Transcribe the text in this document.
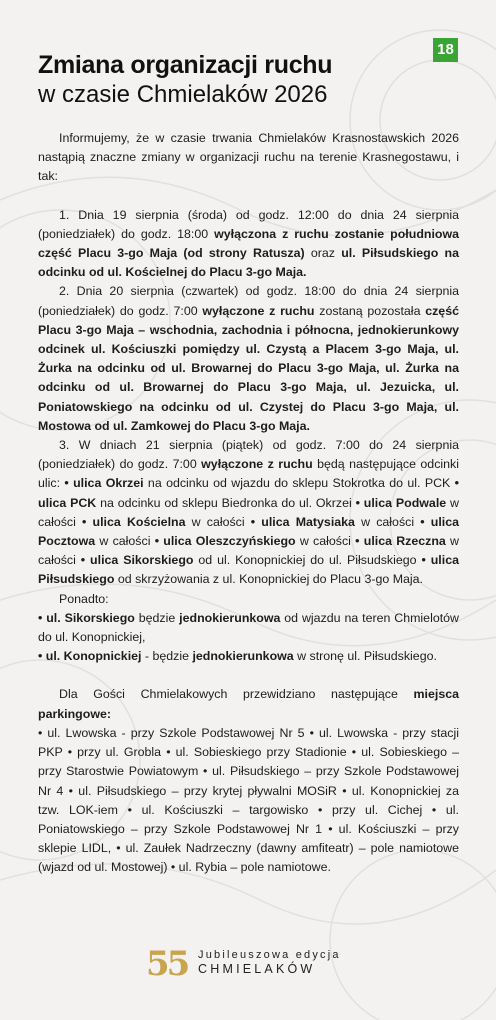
18
Zmiana organizacji ruchu
w czasie Chmielaków 2026

Informujemy, że w czasie trwania Chmielaków Krasnostawskich 2026 nastąpią znaczne zmiany w organizacji ruchu na terenie Krasnegostawu, i tak:

1. Dnia 19 sierpnia (środa) od godz. 12:00 do dnia 24 sierpnia (poniedziałek) do godz. 18:00 wyłączona z ruchu zostanie południowa część Placu 3-go Maja (od strony Ratusza) oraz ul. Piłsudskiego na odcinku od ul. Kościelnej do Placu 3-go Maja.

2. Dnia 20 sierpnia (czwartek) od godz. 18:00 do dnia 24 sierpnia (poniedziałek) do godz. 7:00 wyłączone z ruchu zostaną pozostała część Placu 3-go Maja – wschodnia, zachodnia i północna, jednokierunkowy odcinek ul. Kościuszki pomiędzy ul. Czystą a Placem 3-go Maja, ul. Żurka na odcinku od ul. Browarnej do Placu 3-go Maja, ul. Żurka na odcinku od ul. Browarnej do Placu 3-go Maja, ul. Jezuicka, ul. Poniatowskiego na odcinku od ul. Czystej do Placu 3-go Maja, ul. Mostowa od ul. Zamkowej do Placu 3-go Maja.

3. W dniach 21 sierpnia (piątek) od godz. 7:00 do 24 sierpnia (poniedziałek) do godz. 7:00 wyłączone z ruchu będą następujące odcinki ulic: • ulica Okrzei na odcinku od wjazdu do sklepu Stokrotka do ul. PCK • ulica PCK na odcinku od sklepu Biedronka do ul. Okrzei • ulica Podwale w całości • ulica Kościelna w całości • ulica Matysiaka w całości • ulica Pocztowa w całości • ulica Oleszczyńskiego w całości • ulica Rzeczna w całości • ulica Sikorskiego od ul. Konopnickiej do ul. Piłsudskiego • ulica Piłsudskiego od skrzyżowania z ul. Konopnickiej do Placu 3-go Maja.

Ponadto:

• ul. Sikorskiego będzie jednokierunkowa od wjazdu na teren Chmielotów do ul. Konopnickiej,

• ul. Konopnickiej - będzie jednokierunkowa w stronę ul. Piłsudskiego.

Dla Gości Chmielakowych przewidziano następujące miejsca parkingowe:

• ul. Lwowska - przy Szkole Podstawowej Nr 5 • ul. Lwowska - przy stacji PKP • przy ul. Grobla • ul. Sobieskiego przy Stadionie • ul. Sobieskiego – przy Starostwie Powiatowym • ul. Piłsudskiego – przy Szkole Podstawowej Nr 4 • ul. Piłsudskiego – przy krytej pływalni MOSiR • ul. Konopnickiej za tzw. LOK-iem • ul. Kościuszki – targowisko • przy ul. Cichej • ul. Poniatowskiego – przy Szkole Podstawowej Nr 1 • ul. Kościuszki – przy sklepie LIDL, • ul. Zaułek Nadrzeczny (dawny amfiteatr) – pole namiotowe (wjazd od ul. Mostowej) • ul. Rybia – pole namiotowe.

55 Jubileuszowa edycja
CHMIELAKÓW
